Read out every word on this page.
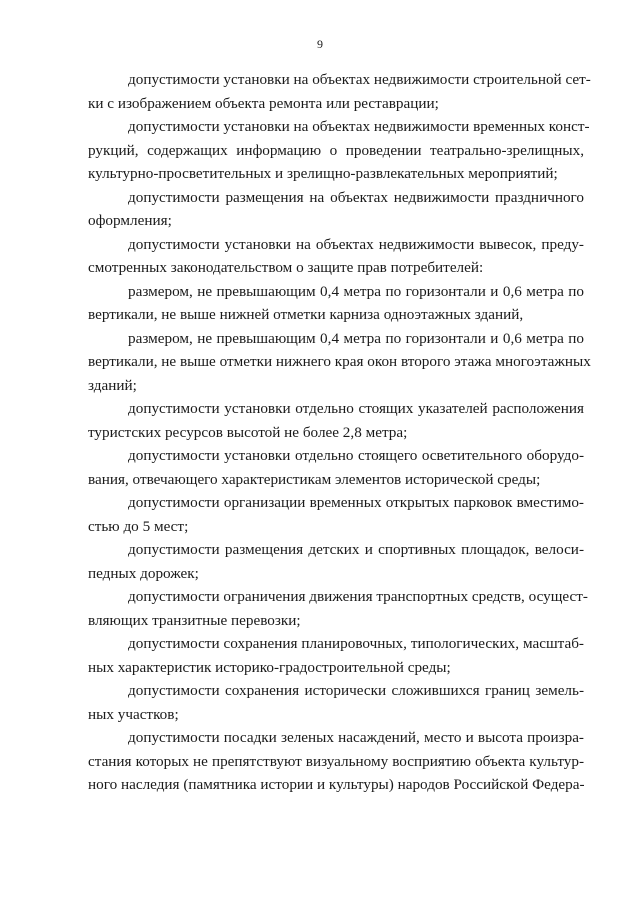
9

допустимости установки на объектах недвижимости строительной сет-
ки с изображением объекта ремонта или реставрации;

допустимости установки на объектах недвижимости временных конст-
рукций, содержащих информацию о проведении театрально-зрелищных,
культурно-просветительных и зрелищно-развлекательных мероприятий;

допустимости размещения на объектах недвижимости праздничного
оформления;

допустимости установки на объектах недвижимости вывесок, преду-
смотренных законодательством о защите прав потребителей:

размером, не превышающим 0,4 метра по горизонтали и 0,6 метра по
вертикали, не выше нижней отметки карниза одноэтажных зданий,

размером, не превышающим 0,4 метра по горизонтали и 0,6 метра по
вертикали, не выше отметки нижнего края окон второго этажа многоэтажных
зданий;

допустимости установки отдельно стоящих указателей расположения
туристских ресурсов высотой не более 2,8 метра;

допустимости установки отдельно стоящего осветительного оборудо-
вания, отвечающего характеристикам элементов исторической среды;

допустимости организации временных открытых парковок вместимо-
стью до 5 мест;

допустимости размещения детских и спортивных площадок, велоси-
педных дорожек;

допустимости ограничения движения транспортных средств, осущест-
вляющих транзитные перевозки;

допустимости сохранения планировочных, типологических, масштаб-
ных характеристик историко-градостроительной среды;

допустимости сохранения исторически сложившихся границ земель-
ных участков;

допустимости посадки зеленых насаждений, место и высота произра-
стания которых не препятствуют визуальному восприятию объекта культур-
ного наследия (памятника истории и культуры) народов Российской Федера-
